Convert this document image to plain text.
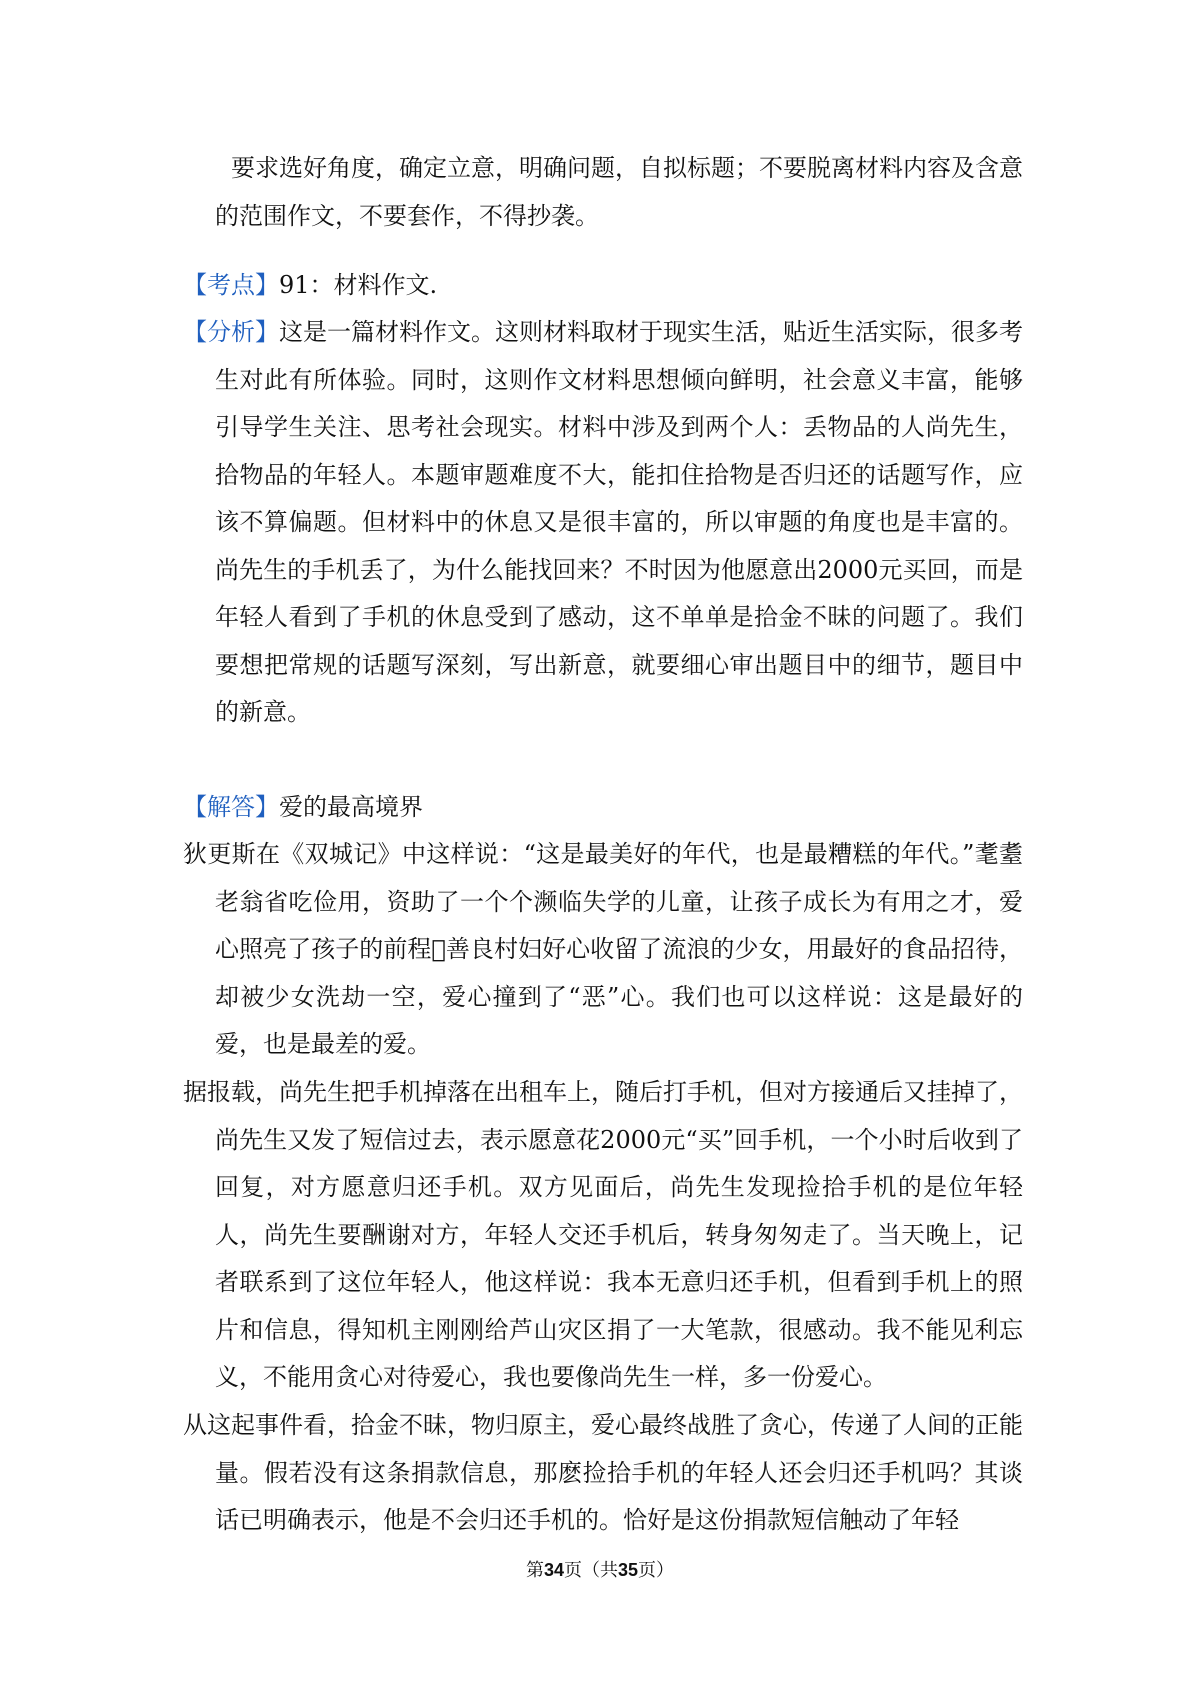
要求选好角度，确定立意，明确问题，自拟标题；不要脱离材料内容及含意的范围作文，不要套作，不得抄袭。
【考点】91：材料作文.
【分析】这是一篇材料作文。这则材料取材于现实生活，贴近生活实际，很多考生对此有所体验。同时，这则作文材料思想倾向鲜明，社会意义丰富，能够引导学生关注、思考社会现实。材料中涉及到两个人：丢物品的人尚先生，拾物品的年轻人。本题审题难度不大，能扣住拾物是否归还的话题写作，应该不算偏题。但材料中的休息又是很丰富的，所以审题的角度也是丰富的。尚先生的手机丢了，为什么能找回来？不时因为他愿意出2000元买回，而是年轻人看到了手机的休息受到了感动，这不单单是拾金不昧的问题了。我们要想把常规的话题写深刻，写出新意，就要细心审出题目中的细节，题目中的新意。
【解答】爱的最高境界
狄更斯在《双城记》中这样说：“这是最美好的年代，也是最糟糕的年代。”耄耋老翁省吃俭用，资助了一个个濒临失学的儿童，让孩子成长为有用之才，爱心照亮了孩子的前程􏰀善良村妇好心收留了流浪的少女，用最好的食品招待，却被少女洗劫一空，爱心撞到了“恶”心。我们也可以这样说：这是最好的爱，也是最差的爱。
据报载，尚先生把手机掉落在出租车上，随后打手机，但对方接通后又挂掉了，尚先生又发了短信过去，表示愿意花2000元“买”回手机，一个小时后收到了回复，对方愿意归还手机。双方见面后，尚先生发现捡拾手机的是位年轻人，尚先生要酬谢对方，年轻人交还手机后，转身匆匆走了。当天晚上，记者联系到了这位年轻人，他这样说：我本无意归还手机，但看到手机上的照片和信息，得知机主刚刚给芦山灾区捐了一大笔款，很感动。我不能见利忘义，不能用贪心对待爱心，我也要像尚先生一样，多一份爱心。
从这起事件看，拾金不昧，物归原主，爱心最终战胜了贪心，传递了人间的正能量。假若没有这条捐款信息，那麽捡拾手机的年轻人还会归还手机吗？其谈话已明确表示，他是不会归还手机的。恰好是这份捐款短信触动了年轻
第34页（共35页）
